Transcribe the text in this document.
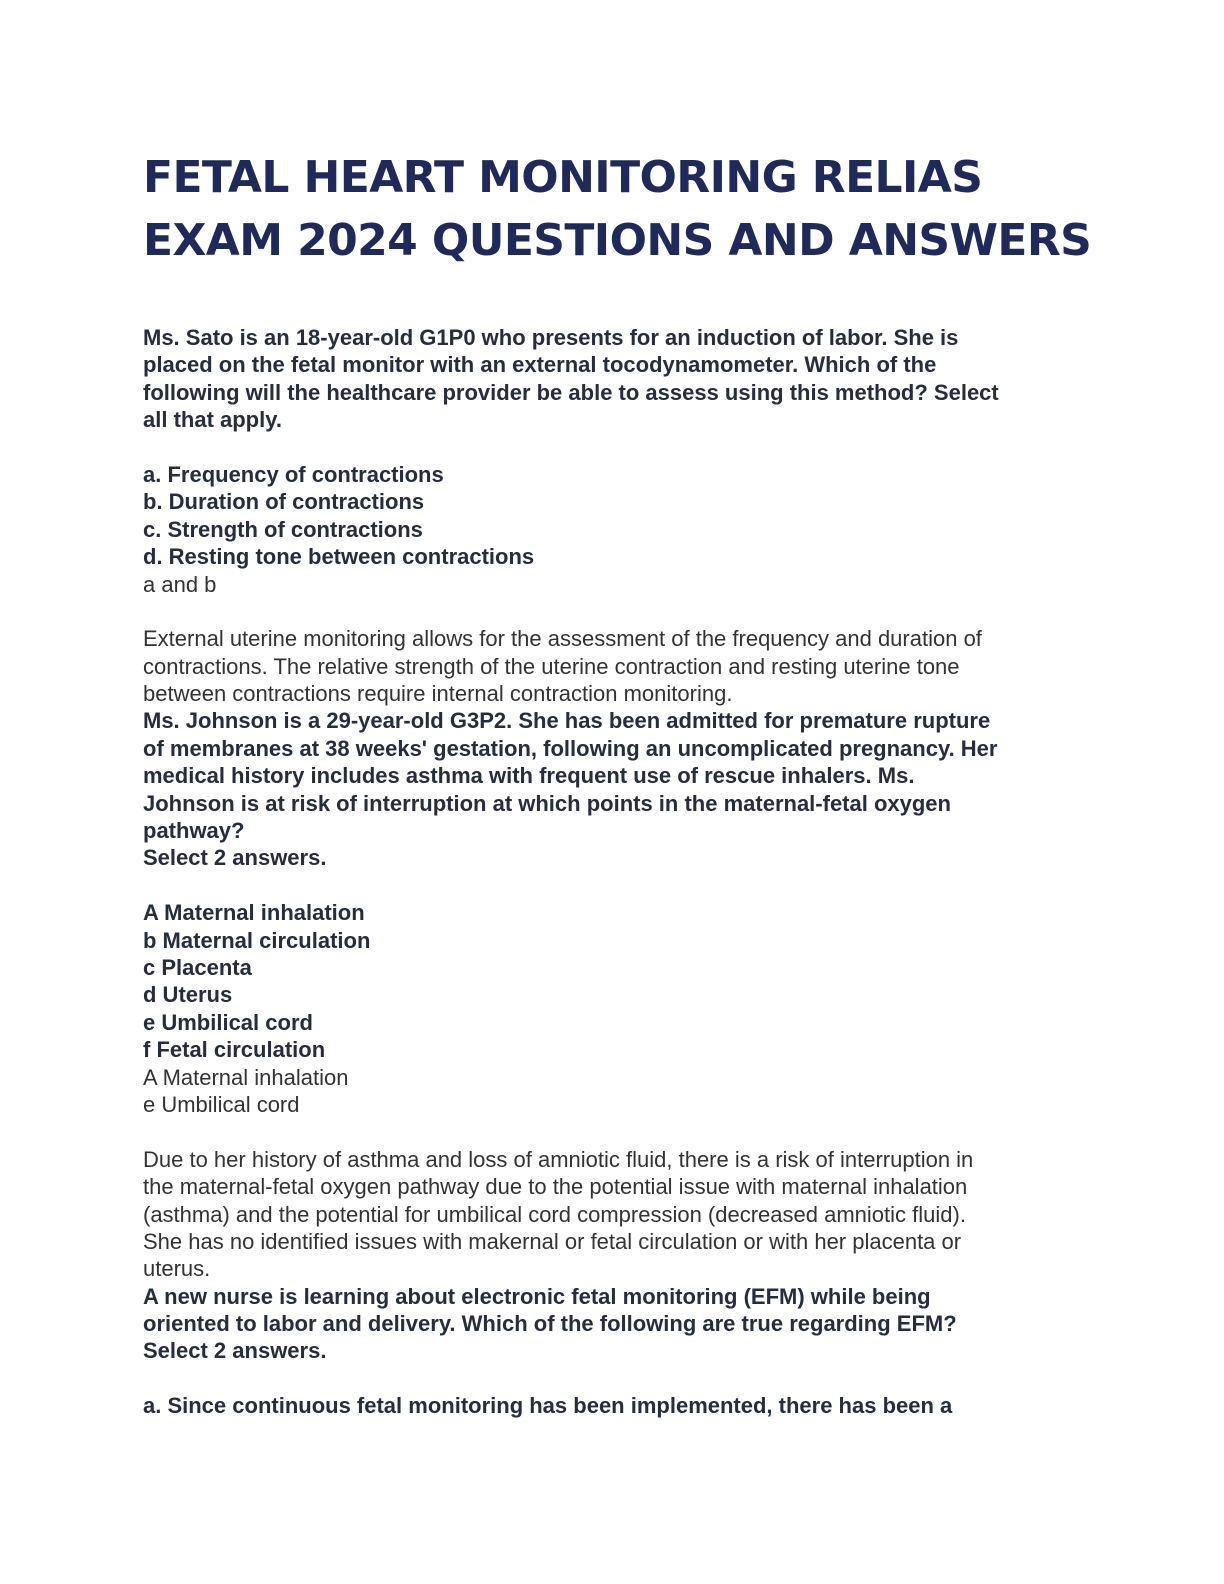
FETAL HEART MONITORING RELIAS
EXAM 2024 QUESTIONS AND ANSWERS
Ms. Sato is an 18-year-old G1P0 who presents for an induction of labor. She is
placed on the fetal monitor with an external tocodynamometer. Which of the
following will the healthcare provider be able to assess using this method? Select
all that apply.
a. Frequency of contractions
b. Duration of contractions
c. Strength of contractions
d. Resting tone between contractions
a and b
External uterine monitoring allows for the assessment of the frequency and duration of
contractions. The relative strength of the uterine contraction and resting uterine tone
between contractions require internal contraction monitoring.
Ms. Johnson is a 29-year-old G3P2. She has been admitted for premature rupture
of membranes at 38 weeks' gestation, following an uncomplicated pregnancy. Her
medical history includes asthma with frequent use of rescue inhalers. Ms.
Johnson is at risk of interruption at which points in the maternal-fetal oxygen
pathway?
Select 2 answers.
A Maternal inhalation
b Maternal circulation
c Placenta
d Uterus
e Umbilical cord
f Fetal circulation
A Maternal inhalation
e Umbilical cord
Due to her history of asthma and loss of amniotic fluid, there is a risk of interruption in
the maternal-fetal oxygen pathway due to the potential issue with maternal inhalation
(asthma) and the potential for umbilical cord compression (decreased amniotic fluid).
She has no identified issues with makernal or fetal circulation or with her placenta or
uterus.
A new nurse is learning about electronic fetal monitoring (EFM) while being
oriented to labor and delivery. Which of the following are true regarding EFM?
Select 2 answers.
a. Since continuous fetal monitoring has been implemented, there has been a
